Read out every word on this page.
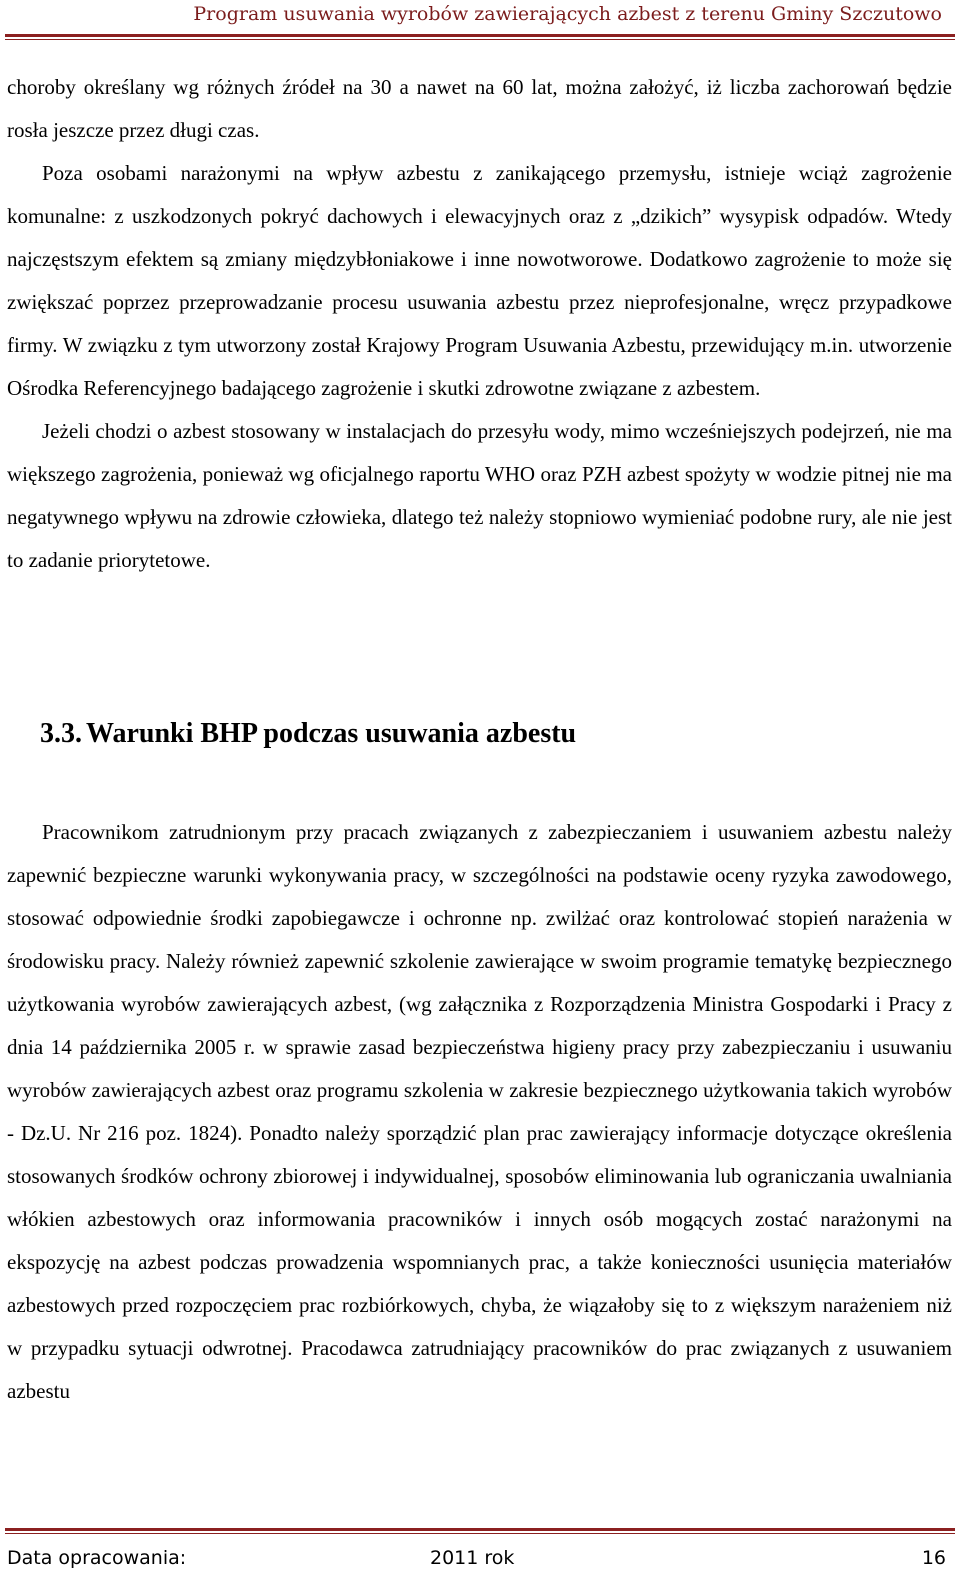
Program usuwania wyrobów zawierających azbest z terenu Gminy Szczutowo

choroby określany wg różnych źródeł na 30 a nawet na 60 lat, można założyć, iż liczba zachorowań będzie rosła jeszcze przez długi czas.

Poza osobami narażonymi na wpływ azbestu z zanikającego przemysłu, istnieje wciąż zagrożenie komunalne: z uszkodzonych pokryć dachowych i elewacyjnych oraz z „dzikich” wysypisk odpadów. Wtedy najczęstszym efektem są zmiany międzybłoniakowe i inne nowotworowe. Dodatkowo zagrożenie to może się zwiększać poprzez przeprowadzanie procesu usuwania azbestu przez nieprofesjonalne, wręcz przypadkowe firmy. W związku z tym utworzony został Krajowy Program Usuwania Azbestu, przewidujący m.in. utworzenie Ośrodka Referencyjnego badającego zagrożenie i skutki zdrowotne związane z azbestem.

Jeżeli chodzi o azbest stosowany w instalacjach do przesyłu wody, mimo wcześniejszych podejrzeń, nie ma większego zagrożenia, ponieważ wg oficjalnego raportu WHO oraz PZH azbest spożyty w wodzie pitnej nie ma negatywnego wpływu na zdrowie człowieka, dlatego też należy stopniowo wymieniać podobne rury, ale nie jest to zadanie priorytetowe.

3.3. Warunki BHP podczas usuwania azbestu

Pracownikom zatrudnionym przy pracach związanych z zabezpieczaniem i usuwaniem azbestu należy zapewnić bezpieczne warunki wykonywania pracy, w szczególności na podstawie oceny ryzyka zawodowego, stosować odpowiednie środki zapobiegawcze i ochronne np. zwilżać oraz kontrolować stopień narażenia w środowisku pracy. Należy również zapewnić szkolenie zawierające w swoim programie tematykę bezpiecznego użytkowania wyrobów zawierających azbest, (wg załącznika z Rozporządzenia Ministra Gospodarki i Pracy z dnia 14 października 2005 r. w sprawie zasad bezpieczeństwa higieny pracy przy zabezpieczaniu i usuwaniu wyrobów zawierających azbest oraz programu szkolenia w zakresie bezpiecznego użytkowania takich wyrobów - Dz.U. Nr 216 poz. 1824). Ponadto należy sporządzić plan prac zawierający informacje dotyczące określenia stosowanych środków ochrony zbiorowej i indywidualnej, sposobów eliminowania lub ograniczania uwalniania włókien azbestowych oraz informowania pracowników i innych osób mogących zostać narażonymi na ekspozycję na azbest podczas prowadzenia wspomnianych prac, a także konieczności usunięcia materiałów azbestowych przed rozpoczęciem prac rozbiórkowych, chyba, że wiązałoby się to z większym narażeniem niż w przypadku sytuacji odwrotnej. Pracodawca zatrudniający pracowników do prac związanych z usuwaniem azbestu

Data opracowania:	2011 rok	16
